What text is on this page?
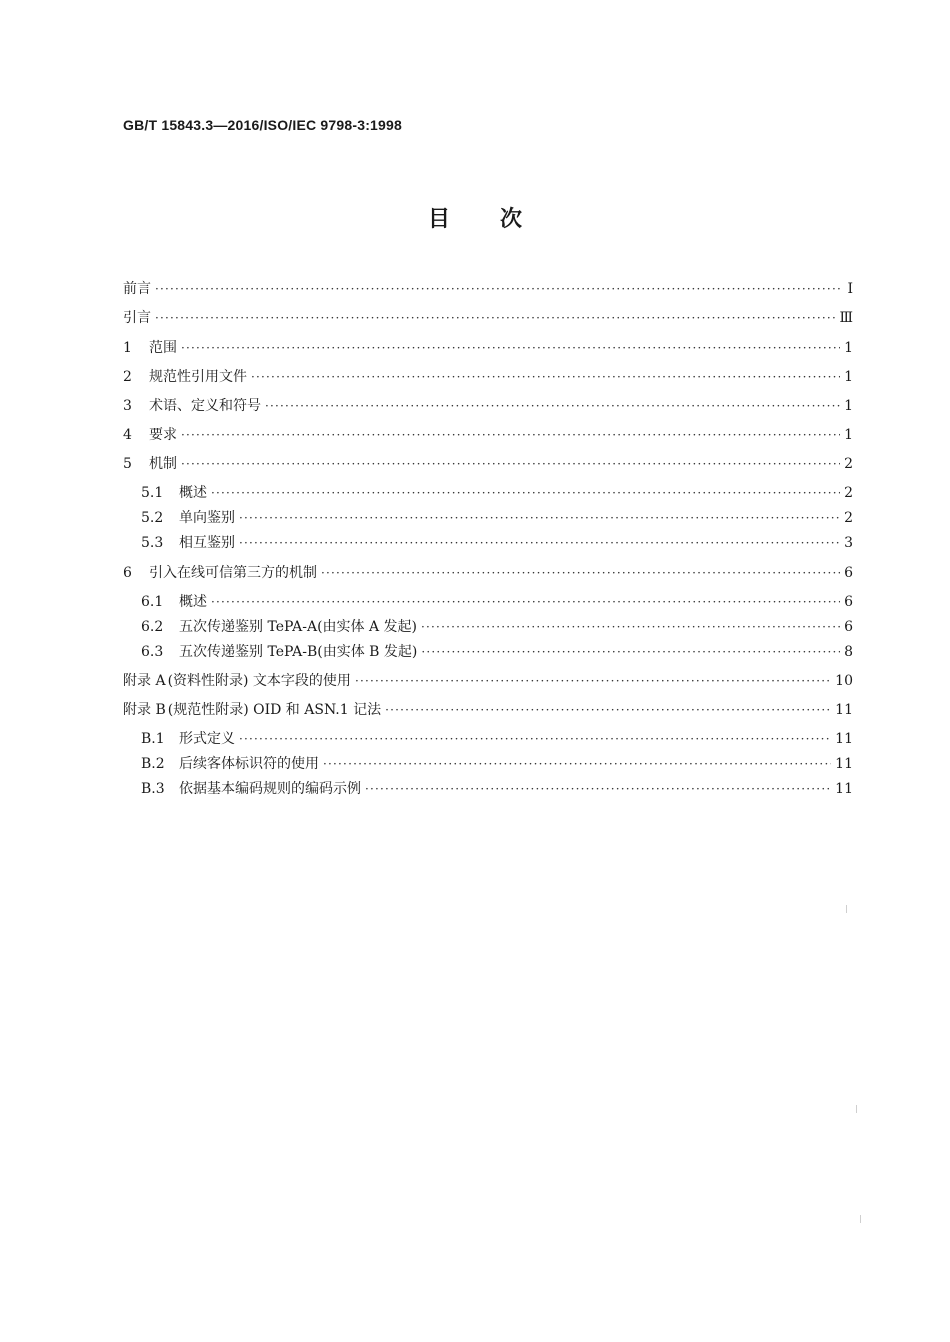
GB/T 15843.3—2016/ISO/IEC 9798-3:1998
目 次
前言 ·····	Ⅰ
引言 ·····	Ⅲ
1	范围 ·····	1
2	规范性引用文件 ·····	1
3	术语、定义和符号 ·····	1
4	要求 ·····	1
5	机制 ·····	2
5.1	概述 ·····	2
5.2	单向鉴别 ·····	2
5.3	相互鉴别 ·····	3
6	引入在线可信第三方的机制 ·····	6
6.1	概述 ·····	6
6.2	五次传递鉴别 TePA-A(由实体 A 发起) ·····	6
6.3	五次传递鉴别 TePA-B(由实体 B 发起) ·····	8
附录 A (资料性附录) 文本字段的使用 ·····	10
附录 B (规范性附录) OID 和 ASN.1 记法 ·····	11
B.1	形式定义 ·····	11
B.2	后续客体标识符的使用 ·····	11
B.3	依据基本编码规则的编码示例 ·····	11
